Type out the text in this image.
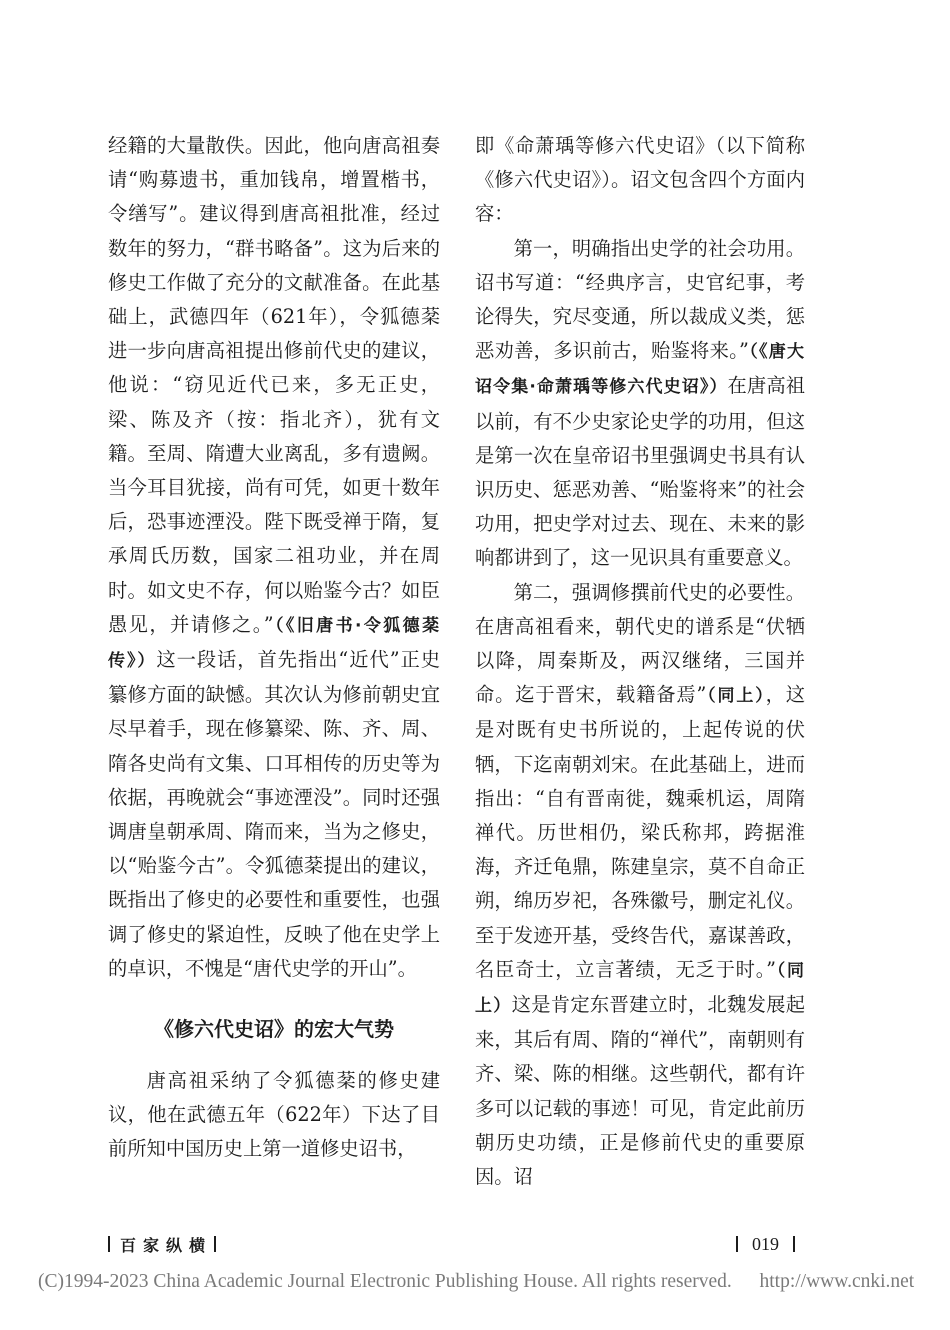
经籍的大量散佚。因此，他向唐高祖奏请“购募遗书，重加钱帛，增置楷书，令缮写”。建议得到唐高祖批准，经过数年的努力，“群书略备”。这为后来的修史工作做了充分的文献准备。在此基础上，武德四年（621年），令狐德棻进一步向唐高祖提出修前代史的建议，他说：“窃见近代已来，多无正史，梁、陈及齐（按：指北齐），犹有文籍。至周、隋遭大业离乱，多有遗阙。当今耳目犹接，尚有可凭，如更十数年后，恐事迹湮没。陛下既受禅于隋，复承周氏历数，国家二祖功业，并在周时。如文史不存，何以贻鉴今古？如臣愚见，并请修之。”（《旧唐书·令狐德棻传》）这一段话，首先指出“近代”正史纂修方面的缺憾。其次认为修前朝史宜尽早着手，现在修纂梁、陈、齐、周、隋各史尚有文集、口耳相传的历史等为依据，再晚就会“事迹湮没”。同时还强调唐皇朝承周、隋而来，当为之修史，以“贻鉴今古”。令狐德棻提出的建议，既指出了修史的必要性和重要性，也强调了修史的紧迫性，反映了他在史学上的卓识，不愧是“唐代史学的开山”。

《修六代史诏》的宏大气势

唐高祖采纳了令狐德棻的修史建议，他在武德五年（622年）下达了目前所知中国历史上第一道修史诏书，

即《命萧瑀等修六代史诏》（以下简称《修六代史诏》）。诏文包含四个方面内容：

第一，明确指出史学的社会功用。诏书写道：“经典序言，史官纪事，考论得失，究尽变通，所以裁成义类，惩恶劝善，多识前古，贻鉴将来。”（《唐大诏令集·命萧瑀等修六代史诏》）在唐高祖以前，有不少史家论史学的功用，但这是第一次在皇帝诏书里强调史书具有认识历史、惩恶劝善、“贻鉴将来”的社会功用，把史学对过去、现在、未来的影响都讲到了，这一见识具有重要意义。

第二，强调修撰前代史的必要性。在唐高祖看来，朝代史的谱系是“伏牺以降，周秦斯及，两汉继绪，三国并命。迄于晋宋，载籍备焉”（同上），这是对既有史书所说的，上起传说的伏牺，下迄南朝刘宋。在此基础上，进而指出：“自有晋南徙，魏乘机运，周隋禅代。历世相仍，梁氏称邦，跨据淮海，齐迁龟鼎，陈建皇宗，莫不自命正朔，绵历岁祀，各殊徽号，删定礼仪。至于发迹开基，受终告代，嘉谋善政，名臣奇士，立言著绩，无乏于时。”（同上）这是肯定东晋建立时，北魏发展起来，其后有周、隋的“禅代”，南朝则有齐、梁、陈的相继。这些朝代，都有许多可以记载的事迹！可见，肯定此前历朝历史功绩，正是修前代史的重要原因。诏

百家纵横	019
(C)1994-2023 China Academic Journal Electronic Publishing House. All rights reserved. http://www.cnki.net
